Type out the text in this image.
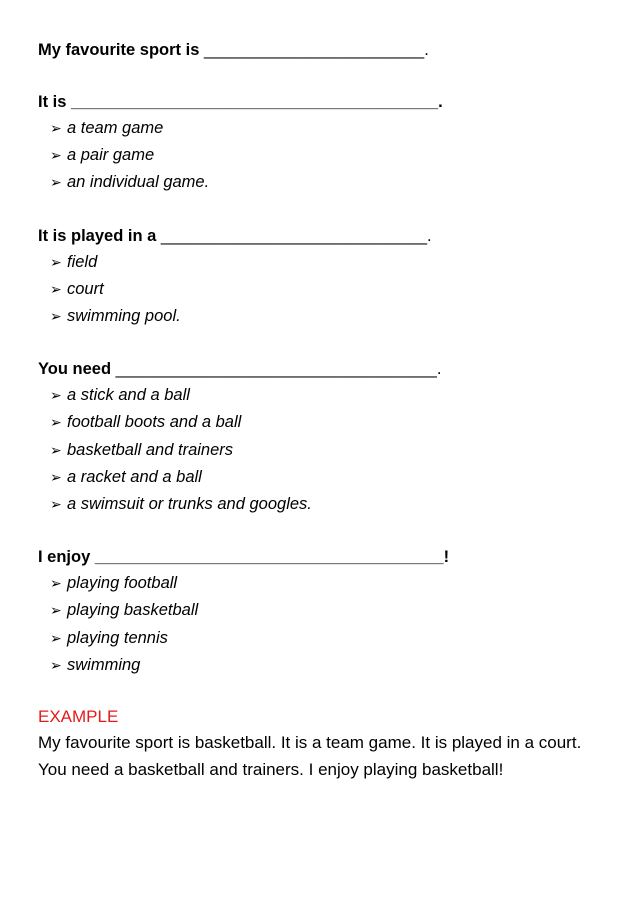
My favourite sport is ________________________.
It is ________________________________________.
➢ a team game
➢ a pair game
➢ an individual game.
It is played in a _____________________________.
➢ field
➢ court
➢ swimming pool.
You need ___________________________________.
➢ a stick and a ball
➢ football boots and a ball
➢ basketball and trainers
➢ a racket and a ball
➢ a swimsuit or trunks and googles.
I enjoy ______________________________________!
➢ playing football
➢ playing basketball
➢ playing tennis
➢ swimming
EXAMPLE
My favourite sport is basketball. It is a team game. It is played in a court. You need a basketball and trainers. I enjoy playing basketball!
